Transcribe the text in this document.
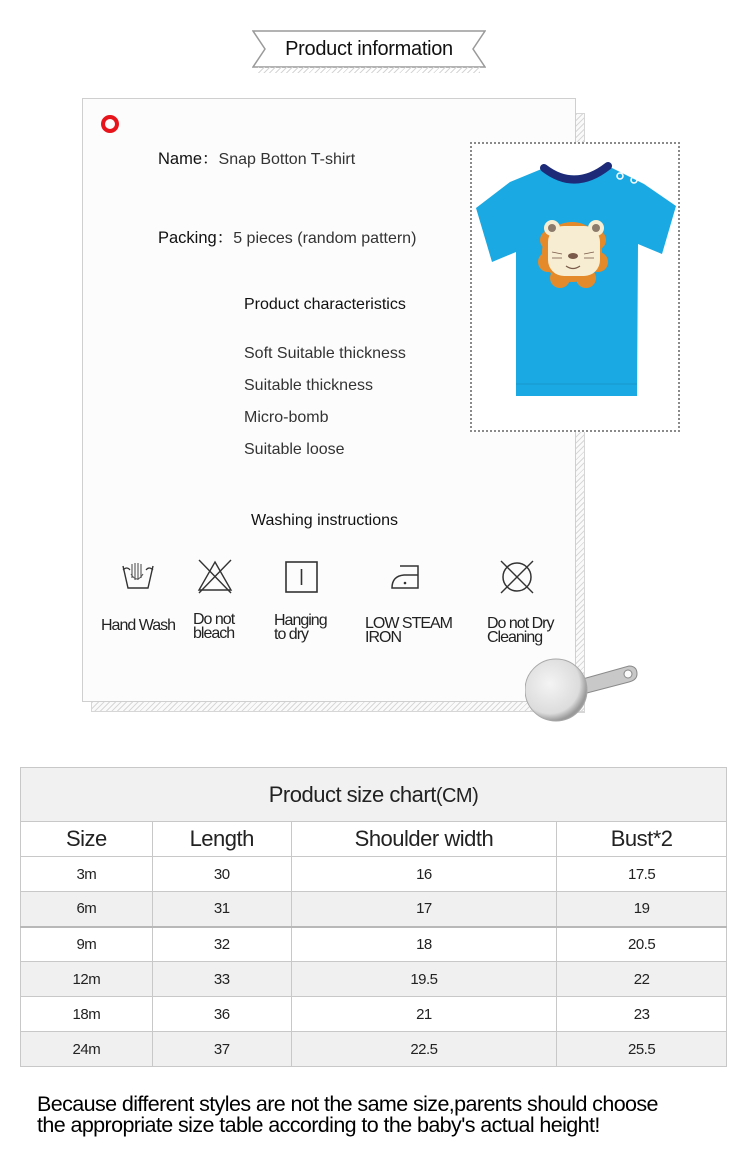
Product information
Name：Snap Botton T-shirt
Packing：5 pieces (random pattern)
Product characteristics
Soft Suitable thickness
Suitable thickness
Micro-bomb
Suitable loose
Washing instructions
Hand Wash Do not
bleach
Hanging
to dry
LOW STEAM
IRON
Do not Dry
Cleaning
Product size chart(CM)			
Size	Length	Shoulder width	Bust*2
3m	30	16	17.5
6m	31	17	19
9m	32	18	20.5
12m	33	19.5	22
18m	36	21	23
24m	37	22.5	25.5
Because different styles are not the same size,parents should choose
the appropriate size table according to the baby's actual height!
